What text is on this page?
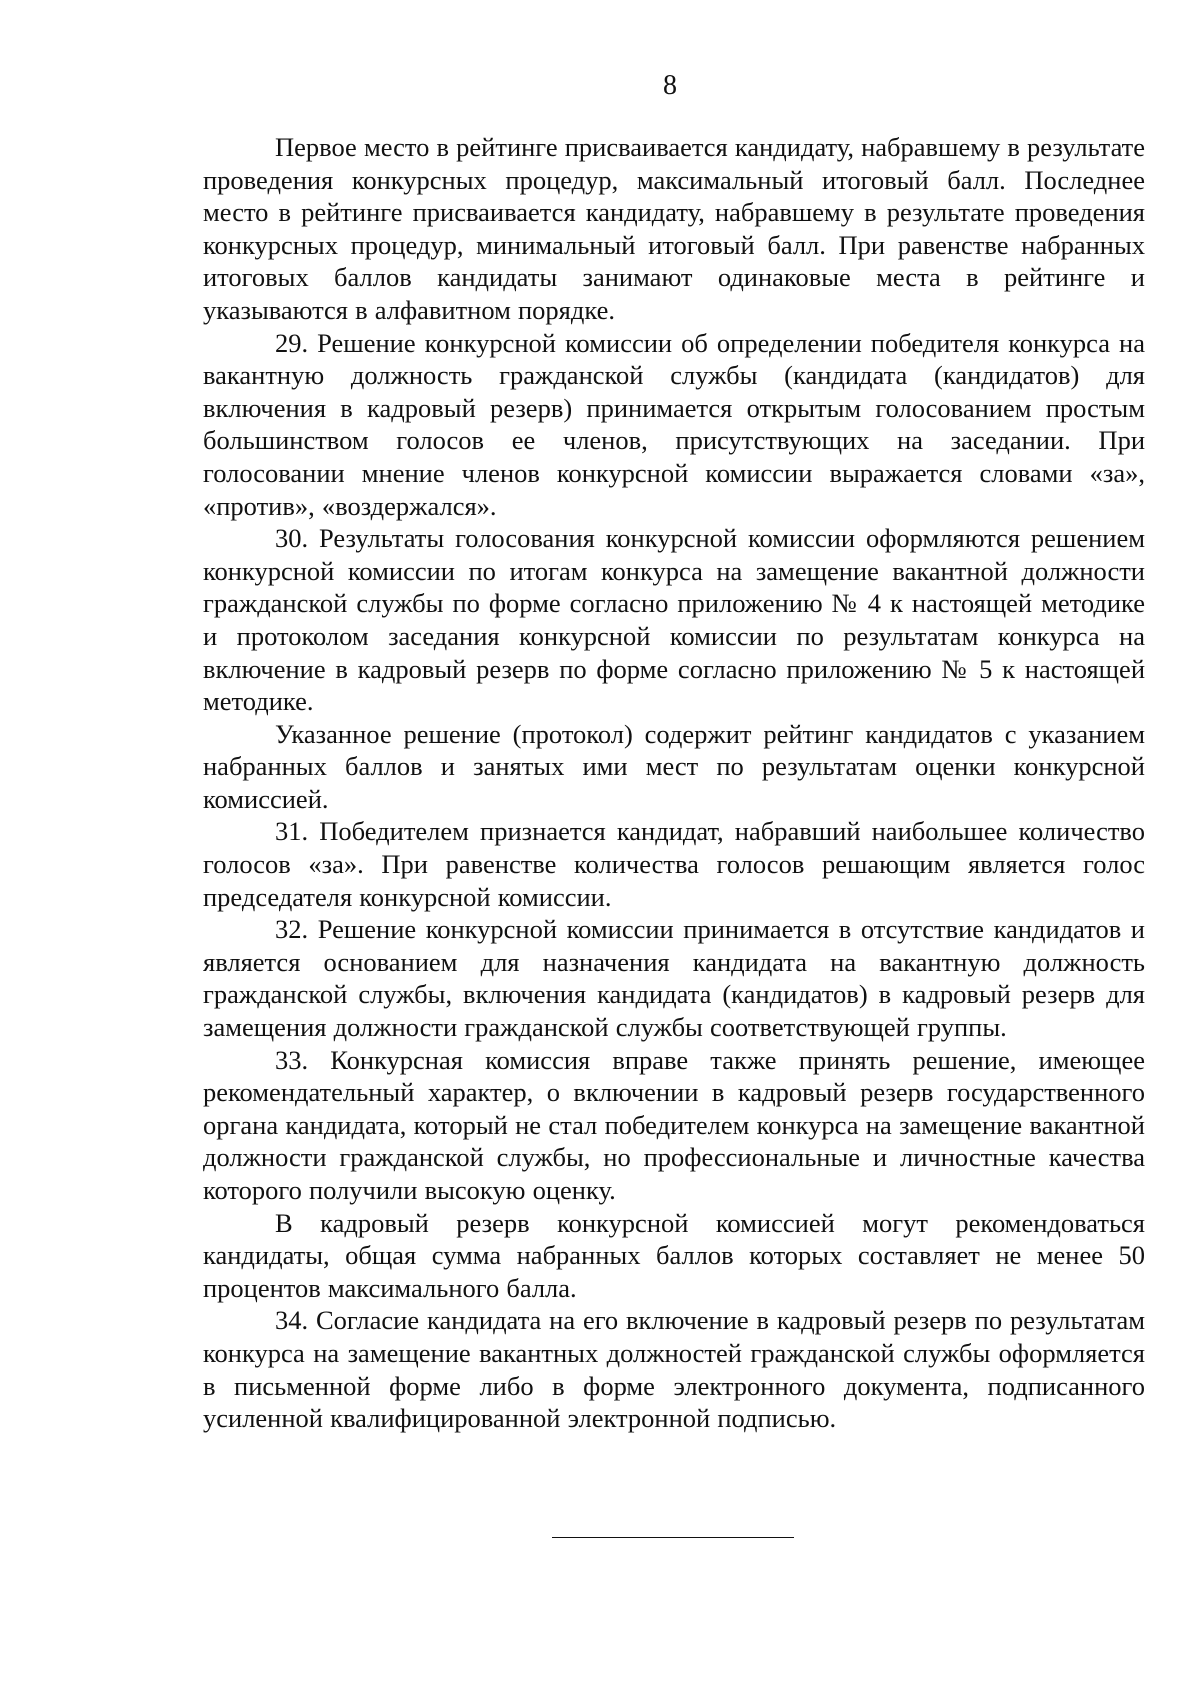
8

Первое место в рейтинге присваивается кандидату, набравшему в результате проведения конкурсных процедур, максимальный итоговый балл. Последнее место в рейтинге присваивается кандидату, набравшему в результате проведения конкурсных процедур, минимальный итоговый балл. При равенстве набранных итоговых баллов кандидаты занимают одинаковые места в рейтинге и указываются в алфавитном порядке.

29. Решение конкурсной комиссии об определении победителя конкурса на вакантную должность гражданской службы (кандидата (кандидатов) для включения в кадровый резерв) принимается открытым голосованием простым большинством голосов ее членов, присутствующих на заседании. При голосовании мнение членов конкурсной комиссии выражается словами «за», «против», «воздержался».

30. Результаты голосования конкурсной комиссии оформляются решением конкурсной комиссии по итогам конкурса на замещение вакантной должности гражданской службы по форме согласно приложению № 4 к настоящей методике и протоколом заседания конкурсной комиссии по результатам конкурса на включение в кадровый резерв по форме согласно приложению № 5 к настоящей методике.

Указанное решение (протокол) содержит рейтинг кандидатов с указанием набранных баллов и занятых ими мест по результатам оценки конкурсной комиссией.

31. Победителем признается кандидат, набравший наибольшее количество голосов «за». При равенстве количества голосов решающим является голос председателя конкурсной комиссии.

32. Решение конкурсной комиссии принимается в отсутствие кандидатов и является основанием для назначения кандидата на вакантную должность гражданской службы, включения кандидата (кандидатов) в кадровый резерв для замещения должности гражданской службы соответствующей группы.

33. Конкурсная комиссия вправе также принять решение, имеющее рекомендательный характер, о включении в кадровый резерв государственного органа кандидата, который не стал победителем конкурса на замещение вакантной должности гражданской службы, но профессиональные и личностные качества которого получили высокую оценку.

В кадровый резерв конкурсной комиссией могут рекомендоваться кандидаты, общая сумма набранных баллов которых составляет не менее 50 процентов максимального балла.

34. Согласие кандидата на его включение в кадровый резерв по результатам конкурса на замещение вакантных должностей гражданской службы оформляется в письменной форме либо в форме электронного документа, подписанного усиленной квалифицированной электронной подписью.
